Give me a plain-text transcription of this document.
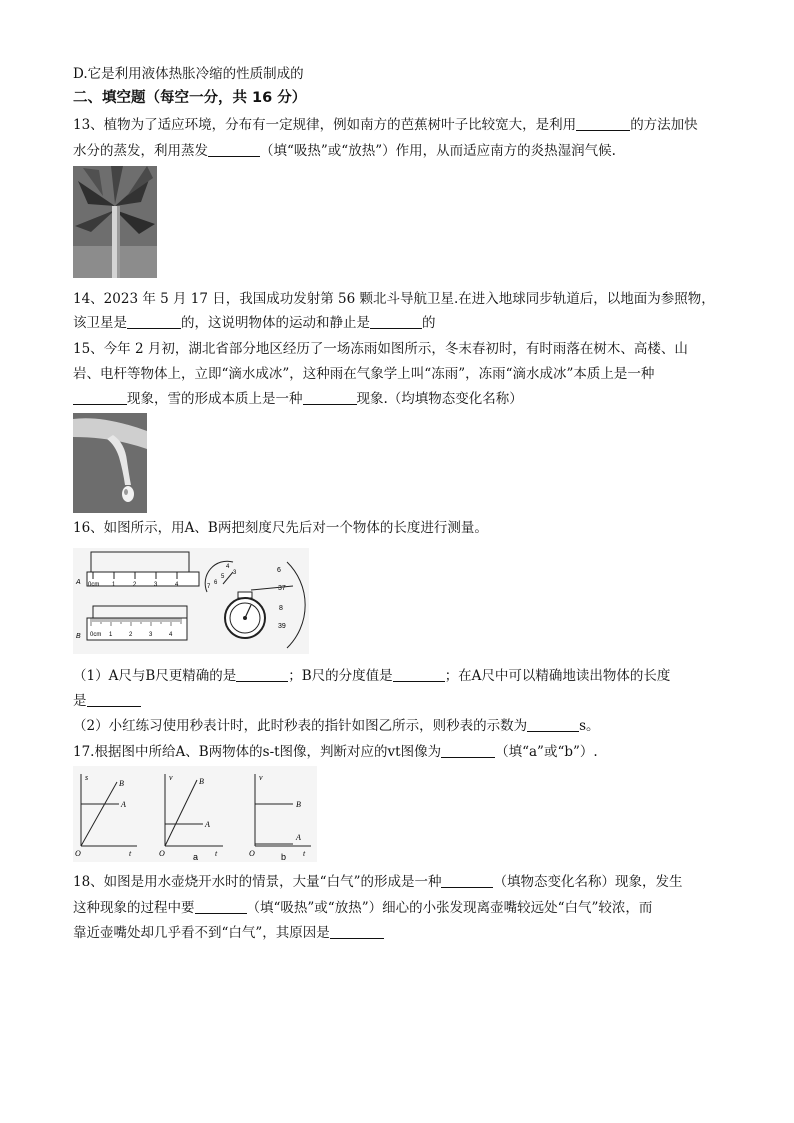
D.它是利用液体热胀冷缩的性质制成的
二、填空题（每空一分，共 16 分）
13、植物为了适应环境，分布有一定规律，例如南方的芭蕉树叶子比较宽大，是利用	的方法加快
水分的蒸发，利用蒸发	（填“吸热”或“放热”）作用，从而适应南方的炎热湿润气候.
14、2023 年 5 月 17 日，我国成功发射第 56 颗北斗导航卫星.在进入地球同步轨道后，以地面为参照物，
该卫星是	的，这说明物体的运动和静止是	的
15、今年 2 月初，湖北省部分地区经历了一场冻雨如图所示，冬末春初时，有时雨落在树木、高楼、山
岩、电杆等物体上，立即“滴水成冰”，这种雨在气象学上叫“冻雨”，冻雨“滴水成冰”本质上是一种
现象，雪的形成本质上是一种	现象.（均填物态变化名称）
16、如图所示，用A、B两把刻度尺先后对一个物体的长度进行测量。
A 0cm 1	2	3	4
B 0cm 1	2	3	4
4
7
6
5
3	6
37
8
39
（1）A尺与B尺更精确的是	；B尺的分度值是	；在A尺中可以精确地读出物体的长度
是
（2）小红练习使用秒表计时，此时秒表的指针如图乙所示，则秒表的示数为	s。
17.根据图中所给A、B两物体的s-t图像，判断对应的vt图像为	（填“a”或“b”）.
s
B
A
O	t
v	B
A
O	t
a
v
B
A
O	t
b
18、如图是用水壶烧开水时的情景，大量“白气”的形成是一种	（填物态变化名称）现象，发生
这种现象的过程中要	（填“吸热”或“放热”）细心的小张发现离壶嘴较远处“白气”较浓，而
靠近壶嘴处却几乎看不到“白气”，其原因是
